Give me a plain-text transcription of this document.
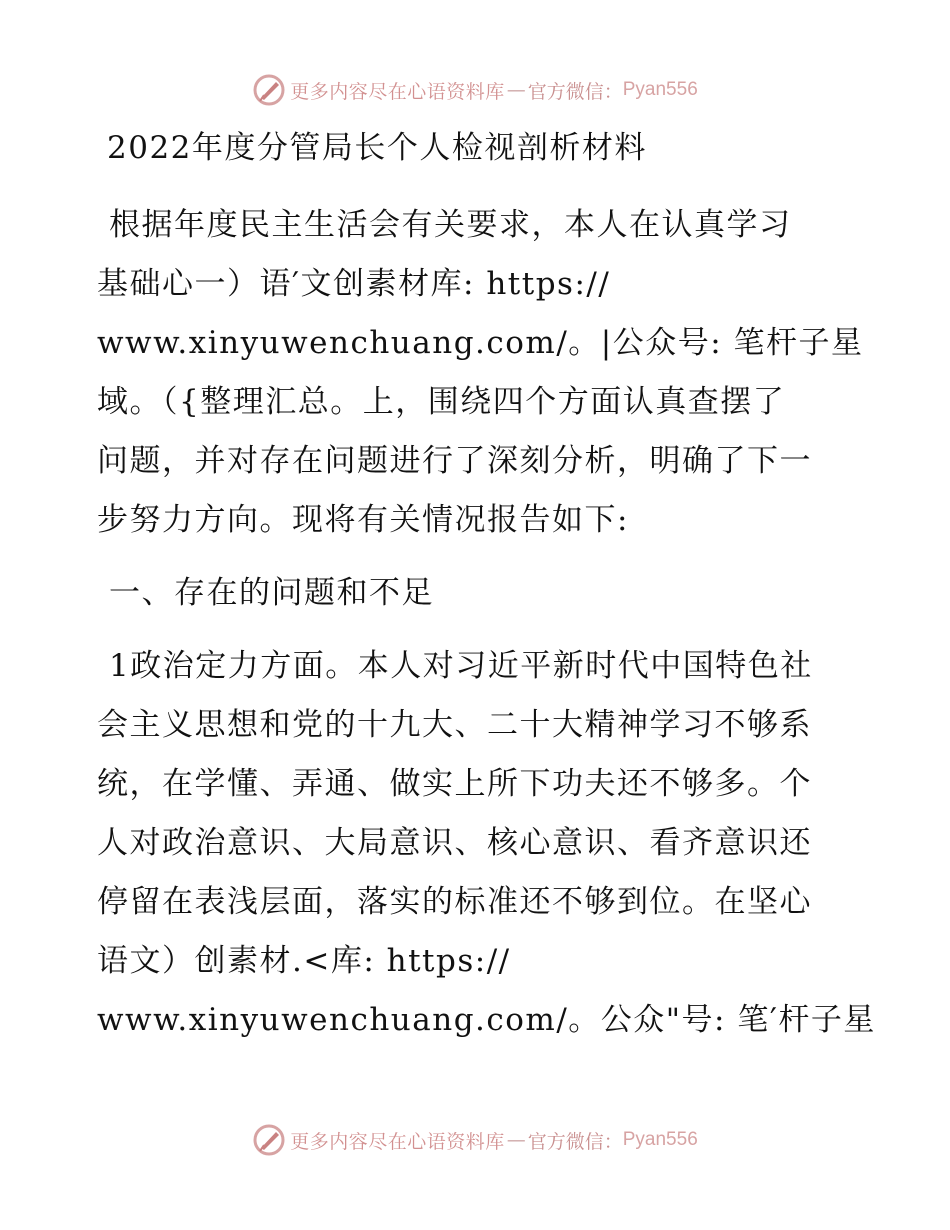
更多内容尽在心语资料库 — 官方微信： Pyan556
2022年度分管局长个人检视剖析材料
根据年度民主生活会有关要求，本人在认真学习
基础心一）语′文创素材库: https://
www.xinyuwenchuang.com/。|公众号: 笔杆子星
域。（{整理汇总。上，围绕四个方面认真查摆了
问题，并对存在问题进行了深刻分析，明确了下一
步努力方向。现将有关情况报告如下:
一、存在的问题和不足
1政治定力方面。本人对习近平新时代中国特色社
会主义思想和党的十九大、二十大精神学习不够系
统，在学懂、弄通、做实上所下功夫还不够多。个
人对政治意识、大局意识、核心意识、看齐意识还
停留在表浅层面，落实的标准还不够到位。在坚心
语文）创素材.<库: https://
www.xinyuwenchuang.com/。公众"号: 笔′杆子星
更多内容尽在心语资料库 — 官方微信： Pyan556
